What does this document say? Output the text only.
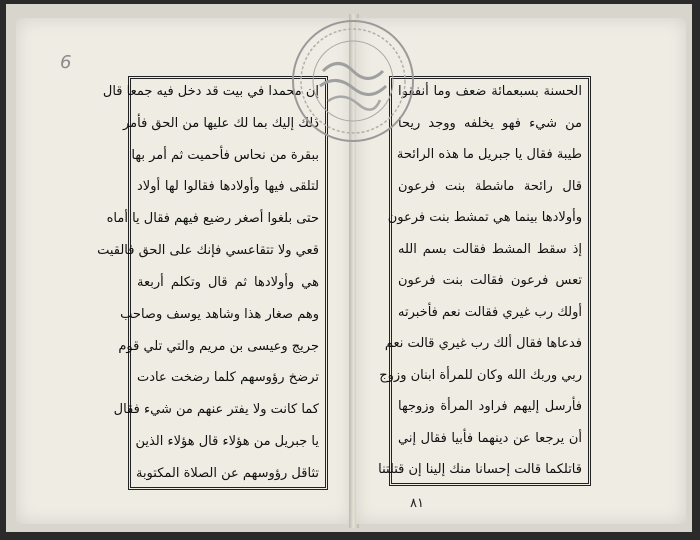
6
إن محمدا في بيت قد دخل فيه جمعا قال
ذلك إليك بما لك عليها من الحق فأمر
ببقرة من نحاس فأحميت ثم أمر بها
لتلقى فيها وأولادها فقالوا لها أولاد
حتى بلغوا أصغر رضيع فيهم فقال يا أماه
قعي ولا تتقاعسي فإنك على الحق فالقيت
هي وأولادها ثم قال وتكلم أربعة
وهم صغار هذا وشاهد يوسف وصاحب
جريج وعيسى بن مريم والتي تلي قوم
ترضخ رؤوسهم كلما رضخت عادت
كما كانت ولا يفتر عنهم من شيء فقال
يا جبريل من هؤلاء قال هؤلاء الذين
تثاقل رؤوسهم عن الصلاة المكتوبة
الحسنة بسبعمائة ضعف وما أنفقوا
من شيء فهو يخلفه ووجد ريحا
طيبة فقال يا جبريل ما هذه الرائحة
قال رائحة ماشطة بنت فرعون
وأولادها بينما هي تمشط بنت فرعون
إذ سقط المشط فقالت بسم الله
تعس فرعون فقالت بنت فرعون
أولك رب غيري فقالت نعم فأخبرته
فدعاها فقال ألك رب غيري قالت نعم
ربي وربك الله وكان للمرأة ابنان وزوج
فأرسل إليهم فراود المرأة وزوجها
أن يرجعا عن دينهما فأبيا فقال إني
قاتلكما قالت إحسانا منك إلينا إن قتلتنا
٨١
